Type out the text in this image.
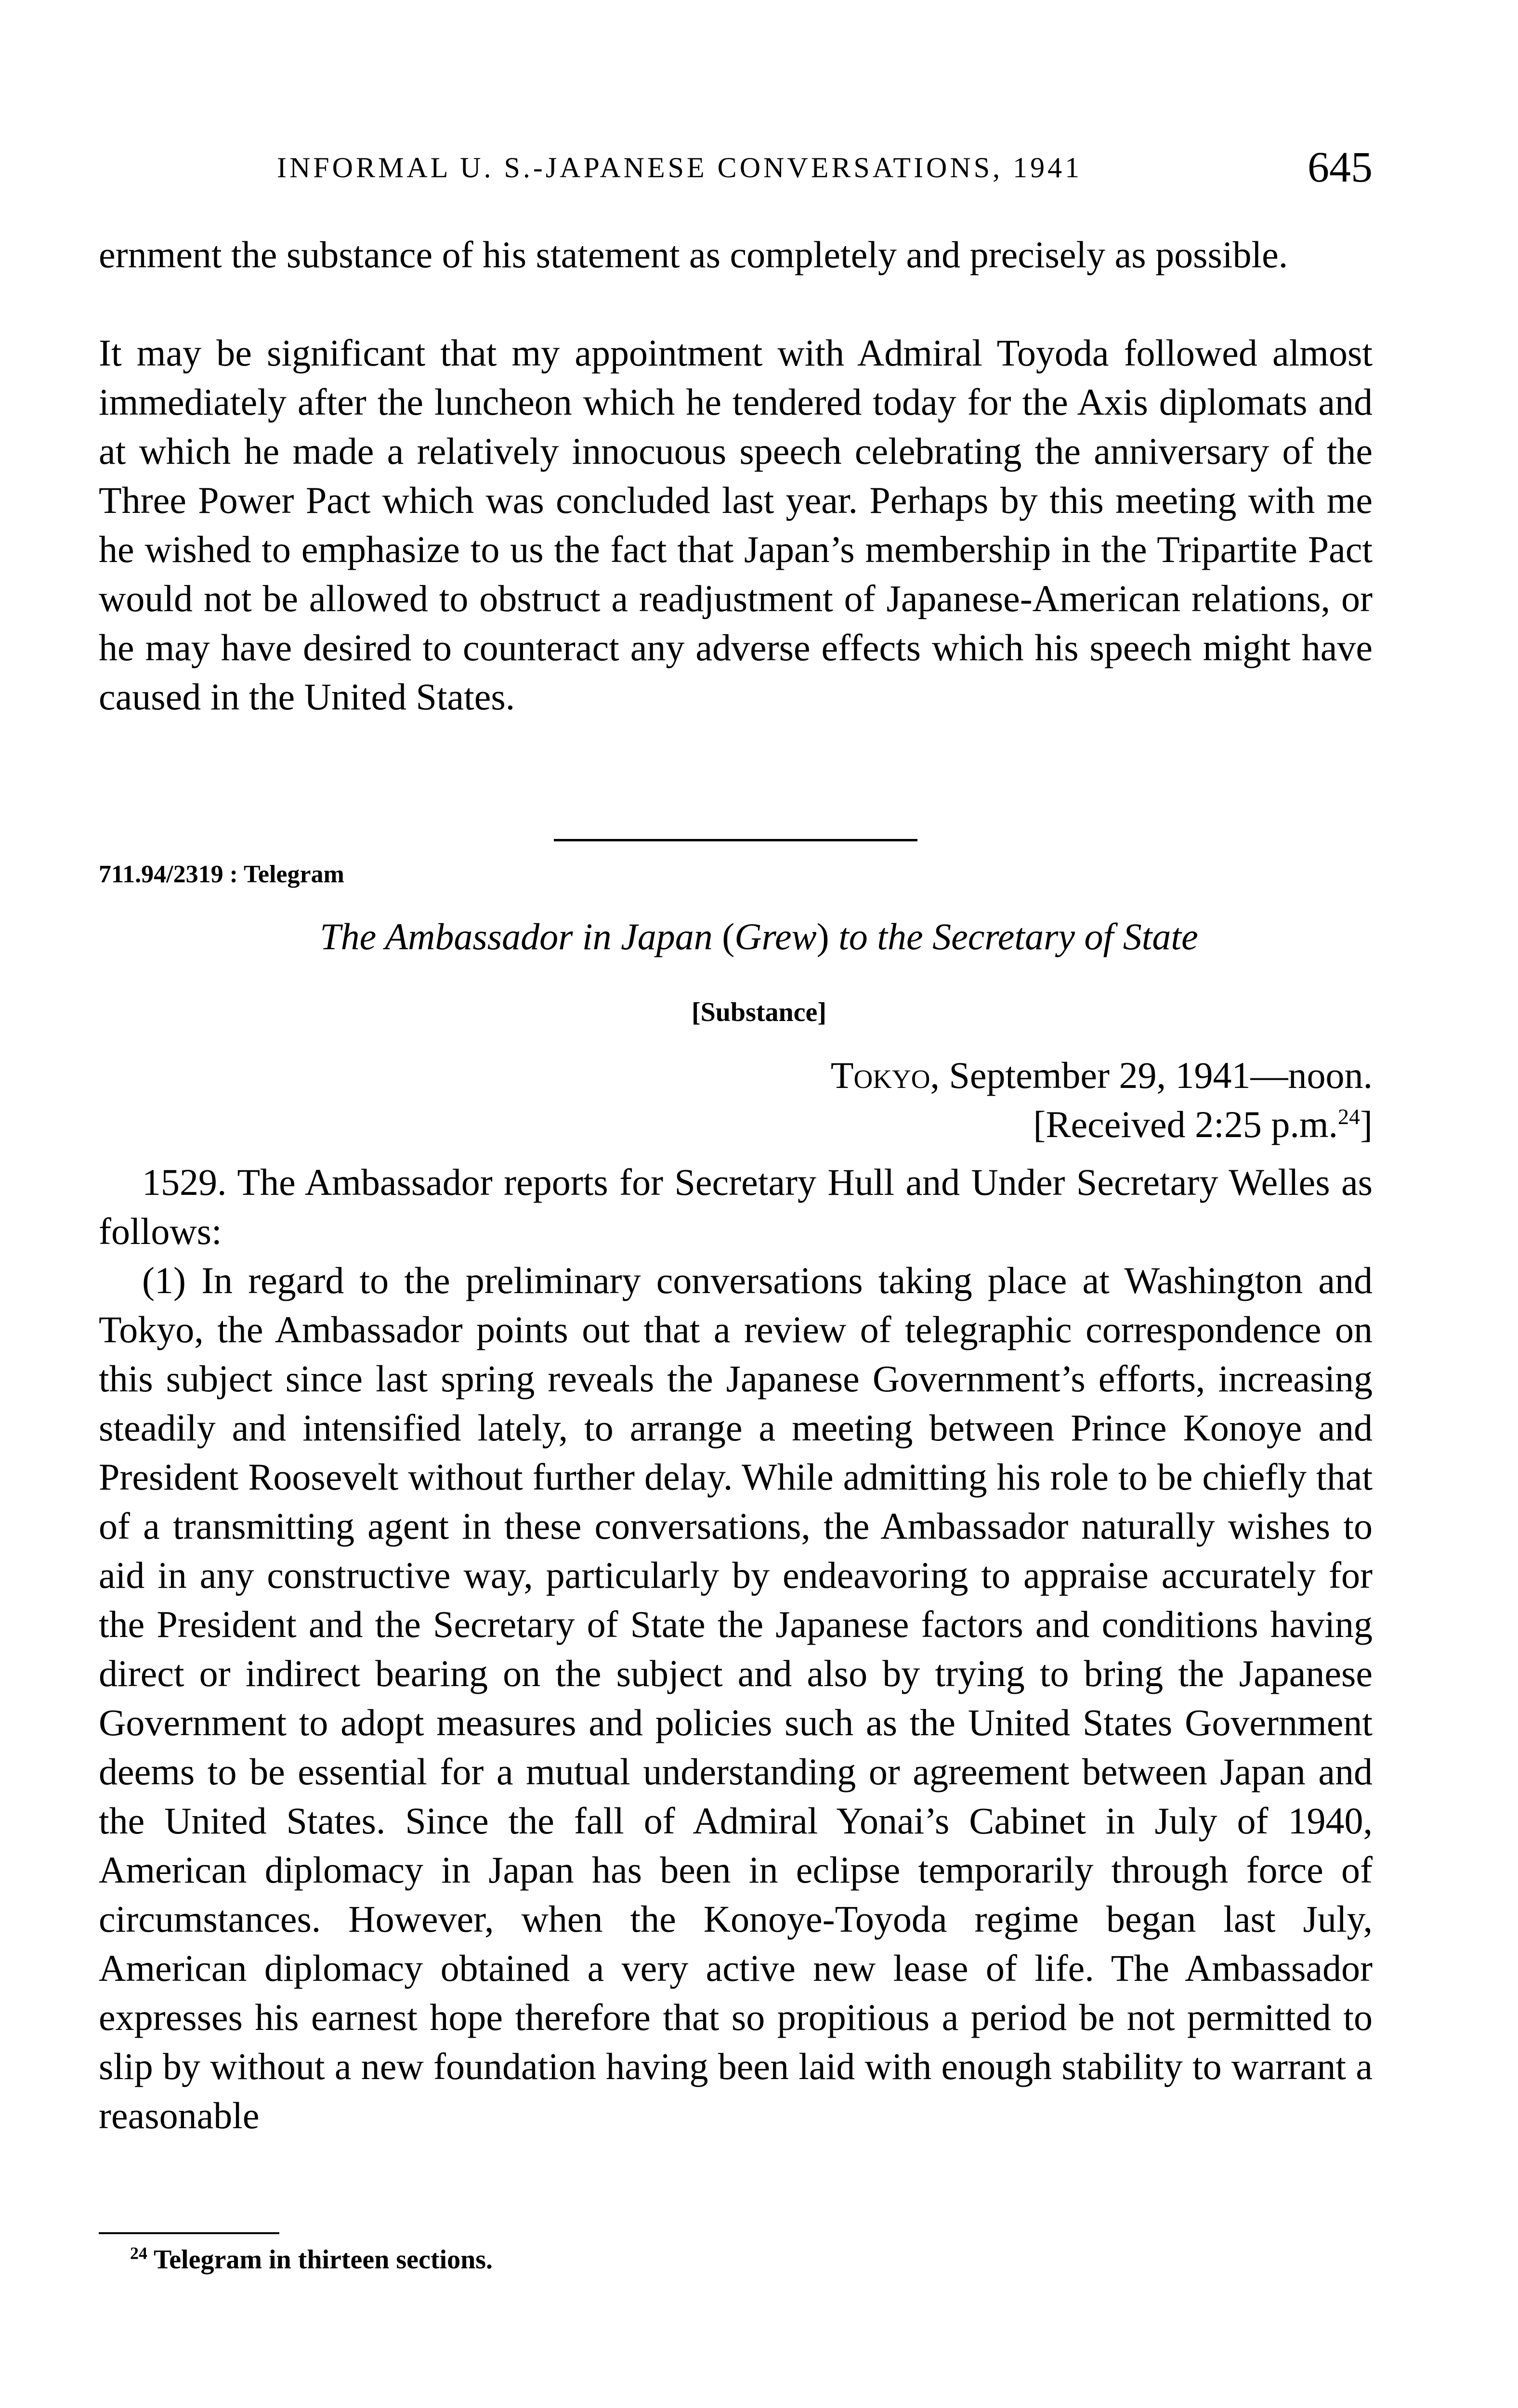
INFORMAL U. S.-JAPANESE CONVERSATIONS, 1941	645
ernment the substance of his statement as completely and precisely as possible.
It may be significant that my appointment with Admiral Toyoda followed almost immediately after the luncheon which he tendered today for the Axis diplomats and at which he made a relatively innocuous speech celebrating the anniversary of the Three Power Pact which was concluded last year. Perhaps by this meeting with me he wished to emphasize to us the fact that Japan’s membership in the Tripartite Pact would not be allowed to obstruct a readjustment of Japanese-American relations, or he may have desired to counteract any adverse effects which his speech might have caused in the United States.
711.94/2319 : Telegram
The Ambassador in Japan (Grew) to the Secretary of State
[Substance]
Tokyo, September 29, 1941—noon.
[Received 2:25 p.m.$^{24}$]
1529. The Ambassador reports for Secretary Hull and Under Secretary Welles as follows:
(1) In regard to the preliminary conversations taking place at Washington and Tokyo, the Ambassador points out that a review of telegraphic correspondence on this subject since last spring reveals the Japanese Government’s efforts, increasing steadily and intensified lately, to arrange a meeting between Prince Konoye and President Roosevelt without further delay. While admitting his role to be chiefly that of a transmitting agent in these conversations, the Ambassador naturally wishes to aid in any constructive way, particularly by endeavoring to appraise accurately for the President and the Secretary of State the Japanese factors and conditions having direct or indirect bearing on the subject and also by trying to bring the Japanese Government to adopt measures and policies such as the United States Government deems to be essential for a mutual understanding or agreement between Japan and the United States. Since the fall of Admiral Yonai’s Cabinet in July of 1940, American diplomacy in Japan has been in eclipse temporarily through force of circumstances. However, when the Konoye-Toyoda regime began last July, American diplomacy obtained a very active new lease of life. The Ambassador expresses his earnest hope therefore that so propitious a period be not permitted to slip by without a new foundation having been laid with enough stability to warrant a reasonable
$^{24}$ Telegram in thirteen sections.
